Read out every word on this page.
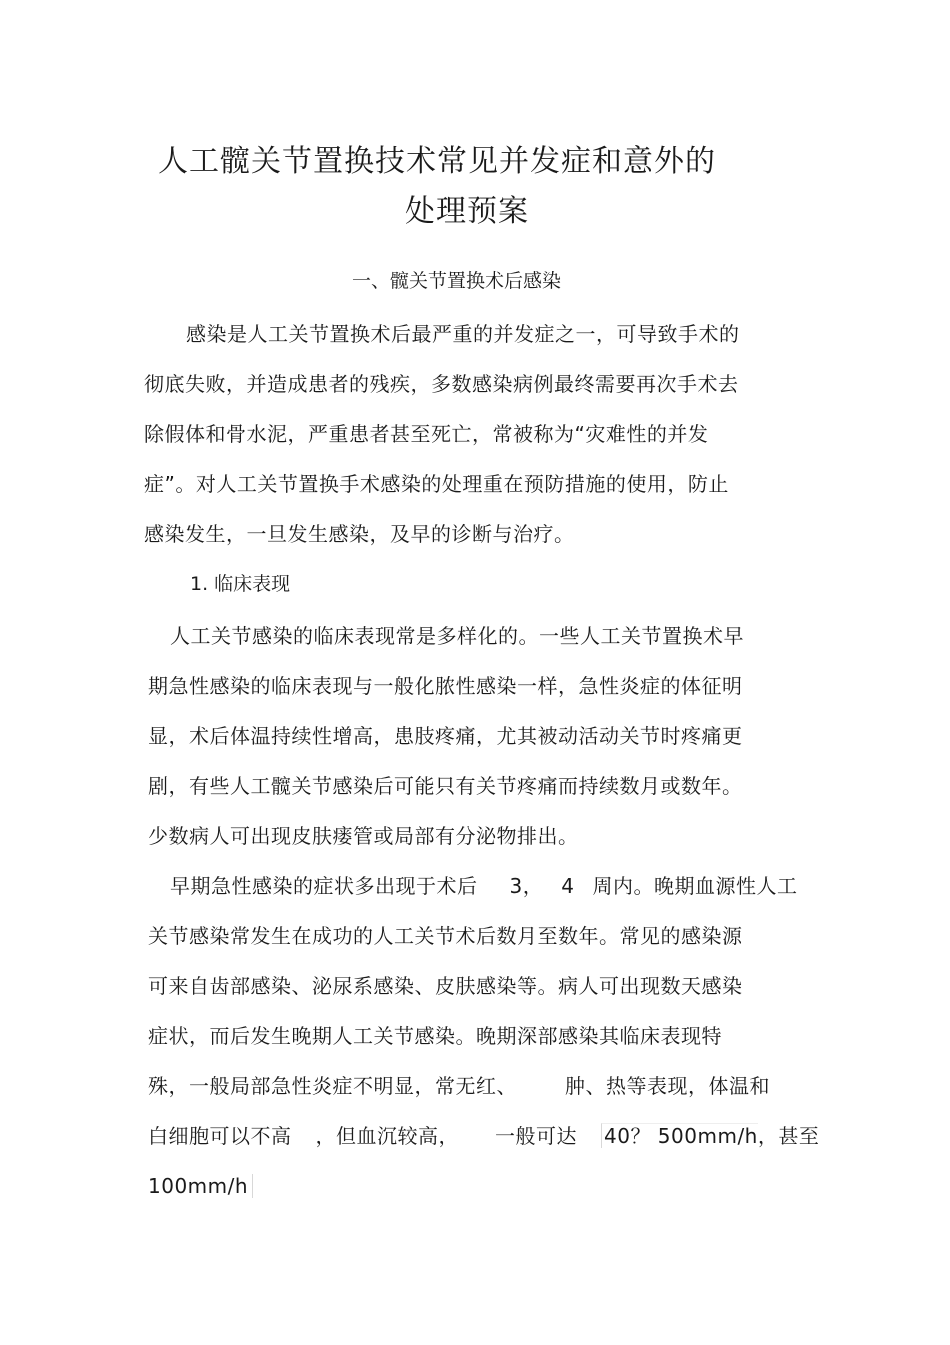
人工髋关节置换技术常见并发症和意外的
处理预案
一、髋关节置换术后感染
感染是人工关节置换术后最严重的并发症之一，可导致手术的
彻底失败，并造成患者的残疾，多数感染病例最终需要再次手术去
除假体和骨水泥，严重患者甚至死亡，常被称为“灾难性的并发
症”。对人工关节置换手术感染的处理重在预防措施的使用，防止
感染发生，一旦发生感染，及早的诊断与治疗。
1. 临床表现
人工关节感染的临床表现常是多样化的。一些人工关节置换术早
期急性感染的临床表现与一般化脓性感染一样，急性炎症的体征明
显，术后体温持续性增高，患肢疼痛，尤其被动活动关节时疼痛更
剧，有些人工髋关节感染后可能只有关节疼痛而持续数月或数年。
少数病人可出现皮肤瘘管或局部有分泌物排出。
早期急性感染的症状多出现于术后 3， 4 周内。晚期血源性人工
关节感染常发生在成功的人工关节术后数月至数年。常见的感染源
可来自齿部感染、泌尿系感染、皮肤感染等。病人可出现数天感染
症状，而后发生晚期人工关节感染。晚期深部感染其临床表现特
殊，一般局部急性炎症不明显，常无红、 肿、热等表现，体温和
白细胞可以不高 ，但血沉较高， 一般可达 40？ 500mm/h，甚至
100mm/h
